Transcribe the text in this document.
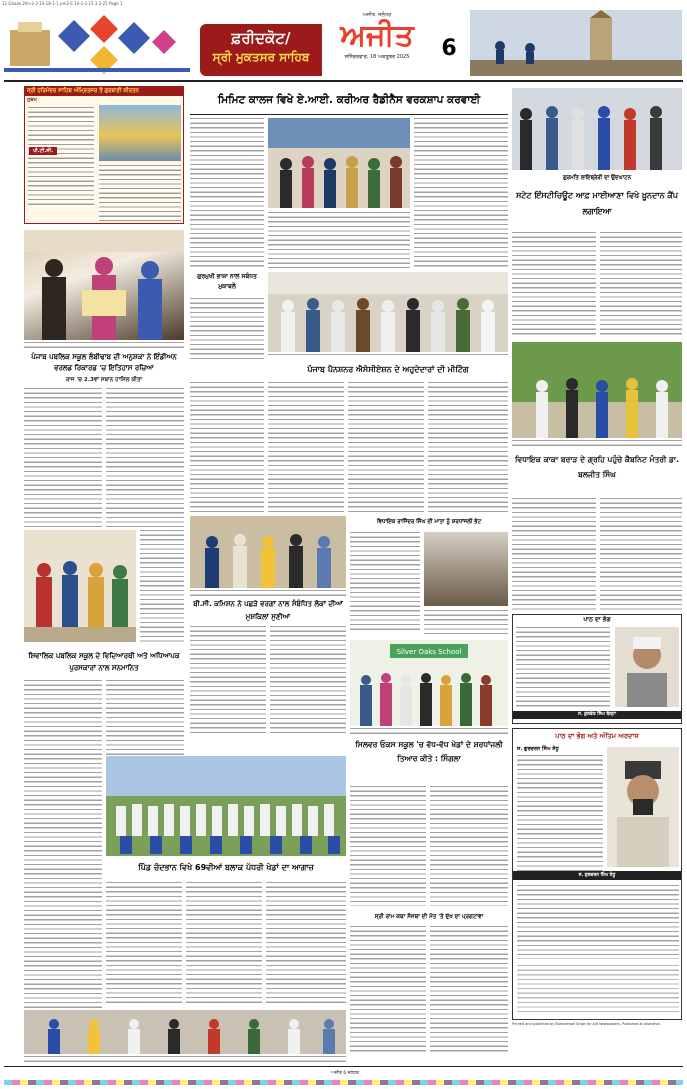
12 Ghaze 20n-2-3 10-18-1-1 pm2 E.10-2-3 15 3 2-25 Page 1
ਫ਼ਰੀਦਕੋਟ/
ਸ੍ਰੀ ਮੁਕਤਸਰ ਸਾਹਿਬ
ਅਜੀਤ, ਜਲੰਧਰ
ਅਜੀਤ
ਸ਼ਨਿੱਚਰਵਾਰ, 18 ਅਕਤੂਬਰ 2025	6
ਸ੍ਰੀ ਹਰਿਮੰਦਰ ਸਾਹਿਬ ਅੰਮ੍ਰਿਤਸਰ ਤੋਂ ਗੁਰਬਾਣੀ ਕੀਰਤਨ
ਹੁਕਮ
ਪੀ.ਟੀ.ਸੀ.
ਪੰਜਾਬ ਪਬਲਿਕ ਸਕੂਲ ਲੰਬੀਢਾਬ ਦੀ ਅਨੁਸ਼ਕਾ ਨੇ ਇੰਡੀਅਨ ਵਰਲਡ ਰਿਕਾਰਡ 'ਚ ਇਤਿਹਾਸ ਰਚਿਆ
ਰਾਜ 'ਚ 2.3ਵਾਂ ਸਥਾਨ ਹਾਸਿਲ ਕੀਤਾ
ਸ਼ਿਵਾਲਿਕ ਪਬਲਿਕ ਸਕੂਲ ਦੇ ਵਿਦਿਆਰਥੀ ਅਤੇ ਅਧਿਆਪਕ ਪੁਰਸਕਾਰਾਂ ਨਾਲ ਸਨਮਾਨਿਤ
ਮਿਮਿਟ ਕਾਲਜ ਵਿਖੇ ਏ.ਆਈ. ਕਰੀਅਰ ਰੈਡੀਨੈਸ ਵਰਕਸ਼ਾਪ ਕਰਵਾਈ
ਗੁਰਮੁਖੀ ਭਾਸ਼ਾ ਨਾਲ ਸਬੰਧਤ ਮੁਕਾਬਲੇ
ਪੰਜਾਬ ਪੈਨਸ਼ਨਰ ਐਸੋਸੀਏਸ਼ਨ ਦੇ ਅਹੁਦੇਦਾਰਾਂ ਦੀ ਮੀਟਿੰਗ
ਬੀ.ਸੀ. ਕਮਿਸ਼ਨ ਨੇ ਪਛੜੇ ਵਰਗਾਂ ਨਾਲ ਸੰਬੰਧਿਤ ਲੋਕਾਂ ਦੀਆਂ ਮੁਸ਼ਕਿਲਾਂ ਸੁਣੀਆਂ
ਵਿਧਾਇਕ ਰਾਜਿੰਦਰ ਸਿੰਘ ਦੀ ਮਾਤਾ ਨੂੰ ਸ਼ਰਧਾਂਜਲੀ ਭੇਟ
Silver Oaks School
ਸਿਲਵਰ ਓਕਸ ਸਕੂਲ 'ਚ ਵੱਧ-ਵੱਧ ਖੇਡਾਂ ਦੇ ਸ਼ਰਧਾਂਜਲੀ ਤਿਆਰ ਕੀਤੇ : ਸਿੰਗਲਾ
ਪਿੰਡ ਚੰਦਭਾਨ ਵਿਖੇ 69ਵੀਆਂ ਬਲਾਕ ਪੱਧਰੀ ਖੇਡਾਂ ਦਾ ਆਗਾਜ਼
ਸ੍ਰੀ ਰਾਮ ਕਥਾ ਸੰਸਥਾ ਦੀ ਮੌਤ 'ਤੇ ਦੁੱਖ ਦਾ ਪ੍ਰਗਟਾਵਾ
ਗੁਰਮਤਿ ਲਾਇਬ੍ਰੇਰੀ ਦਾ ਉਦਘਾਟਨ
ਸਟੇਟ ਇੰਸਟੀਚਿਊਟ ਆਫ਼ ਮਾਈਆਣਾ ਵਿਖੇ ਖ਼ੂਨਦਾਨ ਕੈਂਪ ਲਗਾਇਆ
ਵਿਧਾਇਕ ਕਾਕਾ ਬਰਾੜ ਦੇ ਗ੍ਰਹਿ ਪਹੁੰਚੇ ਕੈਬਨਿਟ ਮੰਤਰੀ ਡਾ. ਬਲਜੀਤ ਸਿੰਘ
ਪਾਠ ਦਾ ਭੋਗ
ਸ. ਕੁਲਵੰਤ ਸਿੰਘ ਬੱਲ੍ਹਾ
ਪਾਠ ਦਾ ਭੋਗ ਅਤੇ ਅੰਤਿਮ ਅਰਦਾਸ
ਸ. ਗੁਰਚਰਨ ਸਿੰਘ ਸੰਧੂ
ਸ. ਗੁਰਚਰਨ ਸਿੰਘ ਸੰਧੂ
Printed and published by Barinderpal Singh for Ajit Newspapers, Published at Jalandhar.
ਅਜੀਤ 6 ਜਲੰਧਰ
